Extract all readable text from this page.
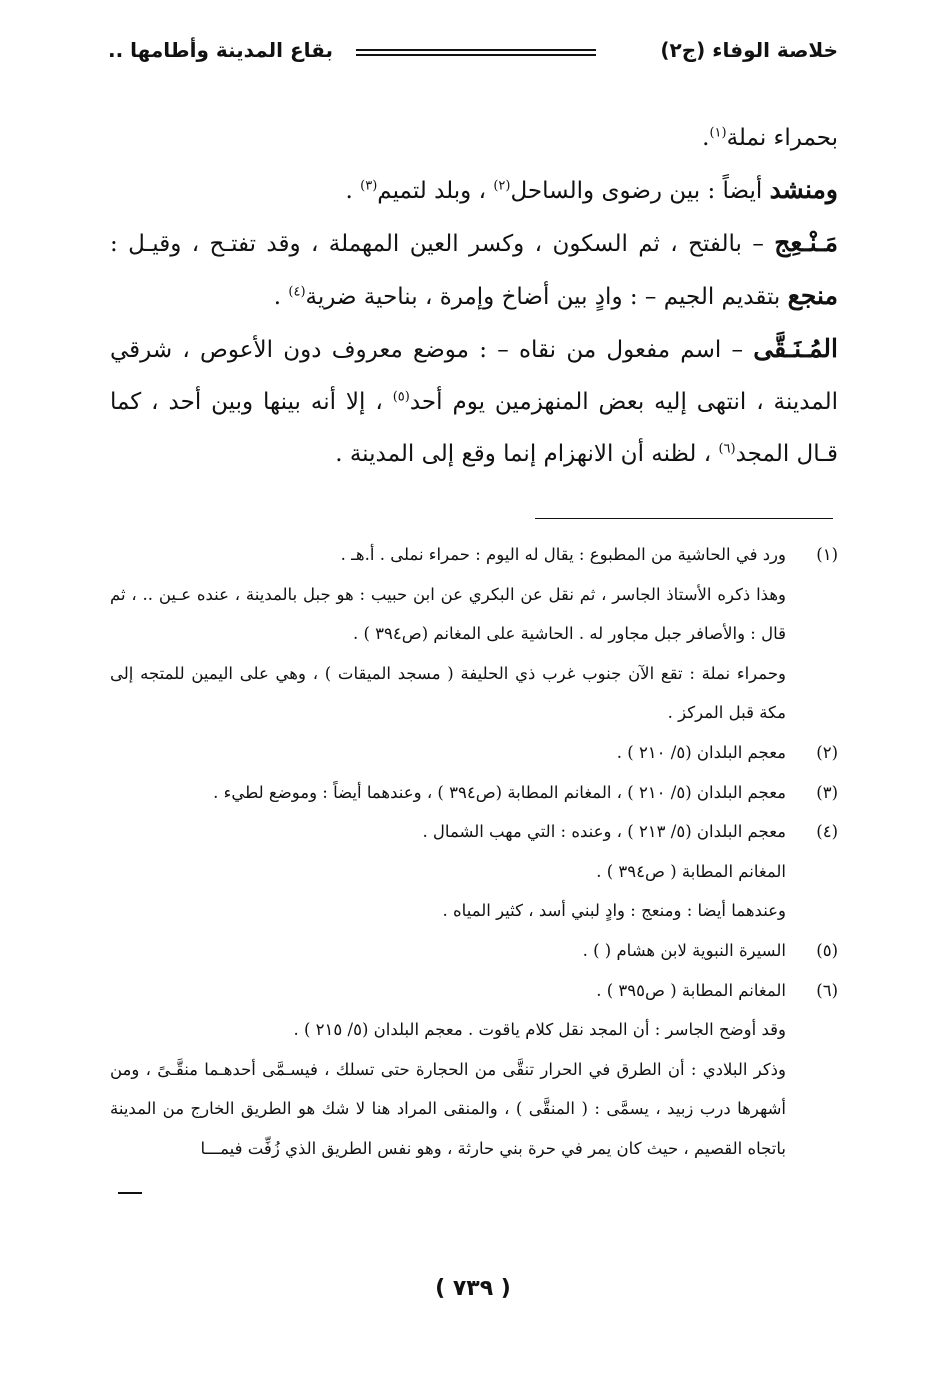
خلاصة الوفاء (ج٢)
بقاع المدينة وأطامها ..

بحمراء نملة$^{(١)}$.

ومنشد أيضاً : بين رضوى والساحل$^{(٢)}$ ، وبلد لتميم$^{(٣)}$ .

مَـنْـعِج – بالفتح ، ثم السكون ، وكسر العين المهملة ، وقد تفتـح ، وقيـل : منجع بتقديم الجيم – : وادٍ بين أضاخ وإمرة ، بناحية ضرية$^{(٤)}$ .

المُـنَـقَّى – اسم مفعول من نقاه – : موضع معروف دون الأعوص ، شرقي المدينة ، انتهى إليه بعض المنهزمين يوم أحد$^{(٥)}$ ، إلا أنه بينها وبين أحد ، كما قـال المجد$^{(٦)}$ ، لظنه أن الانهزام إنما وقع إلى المدينة .

(١)
ورد في الحاشية من المطبوع : يقال له اليوم : حمراء نملى . أ.هـ .
وهذا ذكره الأستاذ الجاسر ، ثم نقل عن البكري عن ابن حبيب : هو جبل بالمدينة ، عنده عـين .. ، ثم قال : والأصافر جبل مجاور له . الحاشية على المغانم (ص٣٩٤ ) .
وحمراء نملة : تقع الآن جنوب غرب ذي الحليفة ( مسجد الميقات ) ، وهي على اليمين للمتجه إلى مكة قبل المركز .
(٢)
معجم البلدان (٥/ ٢١٠ ) .
(٣)
معجم البلدان (٥/ ٢١٠ ) ، المغانم المطابة (ص٣٩٤ ) ، وعندهما أيضاً : وموضع لطيء .
(٤)
معجم البلدان (٥/ ٢١٣ ) ، وعنده : التي مهب الشمال .
المغانم المطابة ( ص٣٩٤ ) .
وعندهما أيضا : ومنعج : وادٍ لبني أسد ، كثير المياه .
(٥)
السيرة النبوية لابن هشام ( ) .
(٦)
المغانم المطابة ( ص٣٩٥ ) .
وقد أوضح الجاسر : أن المجد نقل كلام ياقوت . معجم البلدان (٥/ ٢١٥ ) .
وذكر البلادي : أن الطرق في الحرار تنقَّى من الحجارة حتى تسلك ، فيسـمَّى أحدهـما منقَّـىً ، ومن أشهرها درب زبيد ، يسمَّى : ( المنقَّى ) ، والمنقى المراد هنا لا شك هو الطريق الخارج من المدينة باتجاه القصيم ، حيث كان يمر في حرة بني حارثة ، وهو نفس الطريق الذي زُفِّت فيمـــا
( ٧٣٩ )
